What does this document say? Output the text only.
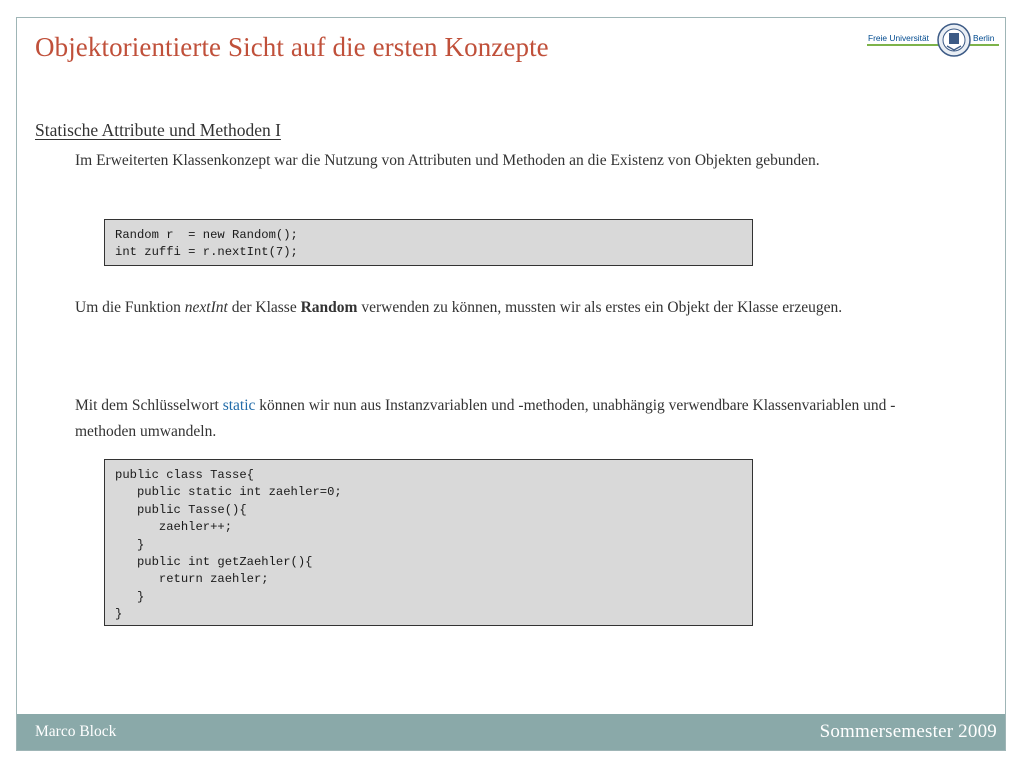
Objektorientierte Sicht auf die ersten Konzepte	Freie Universität	Berlin
Statische Attribute und Methoden I
Im Erweiterten Klassenkonzept war die Nutzung von Attributen und Methoden an die Existenz von Objekten gebunden.
Random r  = new Random();
int zuffi = r.nextInt(7);
Um die Funktion nextInt der Klasse Random verwenden zu können, mussten wir als erstes ein Objekt der Klasse erzeugen.
Mit dem Schlüsselwort static können wir nun aus Instanzvariablen und -methoden, unabhängig verwendbare Klassenvariablen und -methoden umwandeln.
public class Tasse{
public static int zaehler=0;
public Tasse(){
zaehler++;
}
public int getZaehler(){
return zaehler;
}
}
Marco Block	Sommersemester 2009
